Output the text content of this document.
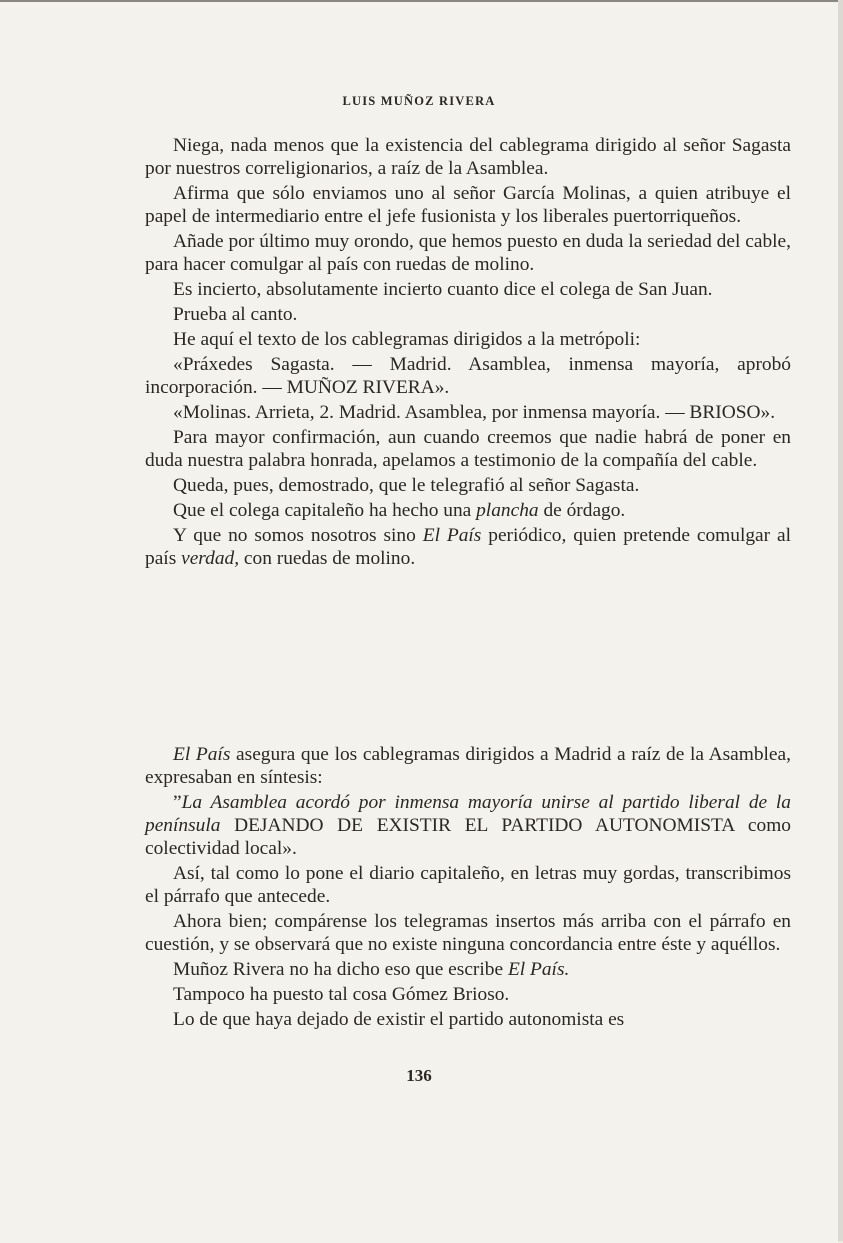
LUIS MUÑOZ RIVERA

Niega, nada menos que la existencia del cablegrama dirigido al señor Sagasta por nuestros correligionarios, a raíz de la Asamblea.

Afirma que sólo enviamos uno al señor García Molinas, a quien atribuye el papel de intermediario entre el jefe fusionista y los liberales puertorriqueños.

Añade por último muy orondo, que hemos puesto en duda la seriedad del cable, para hacer comulgar al país con ruedas de molino.

Es incierto, absolutamente incierto cuanto dice el colega de San Juan.

Prueba al canto.

He aquí el texto de los cablegramas dirigidos a la metrópoli:

«Práxedes Sagasta. — Madrid. Asamblea, inmensa mayoría, aprobó incorporación. — MUÑOZ RIVERA».

«Molinas. Arrieta, 2. Madrid. Asamblea, por inmensa mayoría. — BRIOSO».

Para mayor confirmación, aun cuando creemos que nadie habrá de poner en duda nuestra palabra honrada, apelamos a testimonio de la compañía del cable.

Queda, pues, demostrado, que le telegrafió al señor Sagasta.

Que el colega capitaleño ha hecho una plancha de órdago.

Y que no somos nosotros sino El País periódico, quien pretende comulgar al país verdad, con ruedas de molino.

El País asegura que los cablegramas dirigidos a Madrid a raíz de la Asamblea, expresaban en síntesis:

”La Asamblea acordó por inmensa mayoría unirse al partido liberal de la península DEJANDO DE EXISTIR EL PARTIDO AUTONOMISTA como colectividad local».

Así, tal como lo pone el diario capitaleño, en letras muy gordas, transcribimos el párrafo que antecede.

Ahora bien; compárense los telegramas insertos más arriba con el párrafo en cuestión, y se observará que no existe ninguna concordancia entre éste y aquéllos.

Muñoz Rivera no ha dicho eso que escribe El País.

Tampoco ha puesto tal cosa Gómez Brioso.

Lo de que haya dejado de existir el partido autonomista es

136
